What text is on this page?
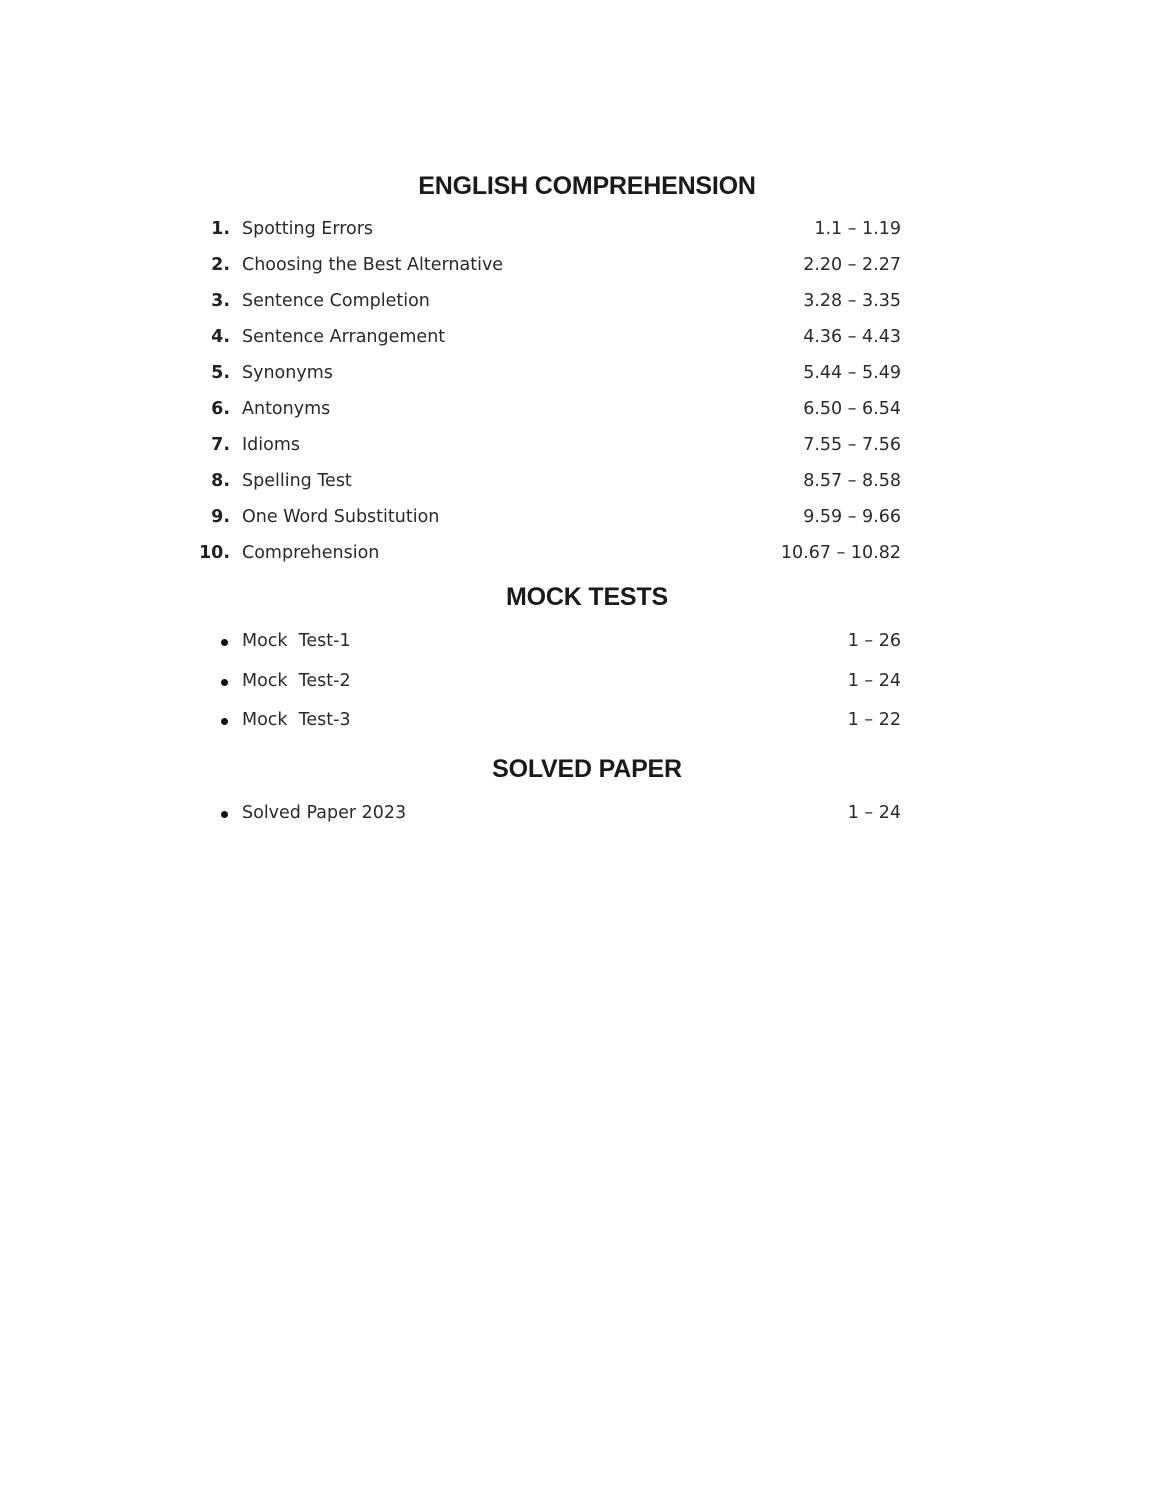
ENGLISH COMPREHENSION
1. Spotting Errors	1.1 – 1.19
2. Choosing the Best Alternative	2.20 – 2.27
3. Sentence Completion	3.28 – 3.35
4. Sentence Arrangement	4.36 – 4.43
5. Synonyms	5.44 – 5.49
6. Antonyms	6.50 – 6.54
7. Idioms	7.55 – 7.56
8. Spelling Test	8.57 – 8.58
9. One Word Substitution	9.59 – 9.66
10. Comprehension	10.67 – 10.82
MOCK TESTS
Mock  Test-1	1 – 26
Mock  Test-2	1 – 24
Mock  Test-3	1 – 22
SOLVED PAPER
Solved Paper 2023	1 – 24
